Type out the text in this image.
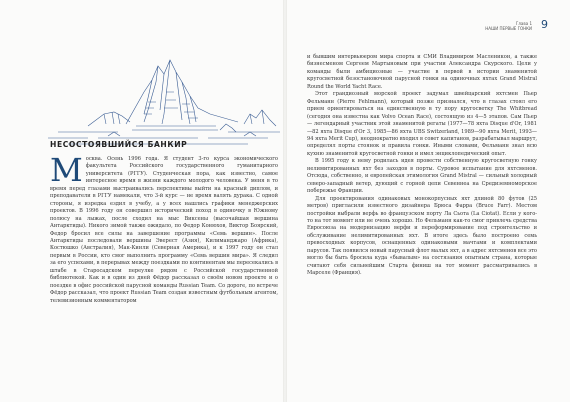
НЕСОСТОЯВШИЙСЯ БАНКИР
М осква. Осень 1996 года. Я студент 3-го курса экономического факультета Российского государственного гуманитарного университета (РГГУ). Студенческая пора, как известно, самое интересное время в жизни каждого молодого человека. У меня в то время перед глазами выстраивались перспективы выйти на красный диплом, и преподаватели в РГГУ намекали, что 3-й курс — не время валять дурака. С одной стороны, я изредка ездил в учебу, а у всех нашлись графики менеджерских проектов. В 1996 году он совершил исторический поход в одиночку в Южному полюсу на лыжах, после сходил на мыс Виксены (высочайшая вершина Антарктиды). Никого зимой также ожидало, по Федор Конюхов, Виктор Боярский, Федор бросил все силы на завершение программы «Семь вершин». После Антарктиды последовали вершины Эверест (Азия), Килиманджаро (Африка), Костюшко (Австралия), Мак-Кинли (Северная Америка), и к 1997 году он стал первым в России, кто смог выполнить программу «Семь вершин мира». Я следил за его успехами, в перерывах между поездками по континентам мы пересекались в штабе в Старосадском переулке рядом с Российской государственной библиотекой. Как и в один из дней Фёдор рассказал о своём новом проекте и о поездке в офис российской парусной команды Russian Team. Со дороге, по встрече Фёдор рассказал, что проект Russian Team создан известным футбольным агентом, телевизионным комментатором

Глава 1
НАШИ ПЕРВЫЕ ГОНКИ 9

и бывшим интервьюером мира спорта и СМИ Владимиром Масленикон, а также бизнесменом Сергеем Мартыновым при участии Александра Скурского. Цели у команды были амбициозные — участие в первой в истории знаменитой кругосветной безостановочной парусной гонки на одиночных яхтах Grand Mistral Round the World Yacht Race.

Этот грандиозный морской проект задумал швейцарский яхтсмен Пьер Фельманн (Pierre Fehlmann), который позже признался, что в глазах стоял его прием ориентироваться на единственную в ту пору кругосветку The Whitbread (сегодня она известна как Volvo Ocean Race), состоящую из 4—5 этапов. Сам Пьер — легендарный участник этой знаменитой регаты (1977—78 яхта Disque d'Or, 1981—82 яхта Disque d'Or 3, 1985—86 яхта UBS Switzerland, 1989—90 яхта Merit, 1993—94 яхта Merit Cup), неоднократно входил в совет капитанов, разрабатывал маршрут, определял порты стоянок и правила гонки. Иными словами, Фельманн знал всю кухню знаменитой кругосветной гонки и имел энциклопедический опыт.

В 1995 году к нему родилась идея провести собственную кругосветную гонку нелимитированных яхт без заходов в порты. Суровое испытание для яхтсменов. Отсюда, собственно, и европейская этимология Grand Mistral — сильный холодный северо-западный ветер, дующий с горной цепи Севеннеа на Средиземноморское побережье Франции.

Для проектирования одинаковых монокорпусных яхт длиной 80 футов (25 метров) пригласили известного дизайнера Брюса Фарра (Bruce Farr). Местом постройки выбрали верфь во французском порту Ла Сьота (La Ciotat). Если у кого-то на тот момент или не очень хорошо. Но Фельманн как-то смог привлечь средства Евросоюза на модернизацию верфи и переформирование под строительство и обслуживание нелимитированных яхт. В итоге здесь было построено семь превосходных корпусов, оснащенных одинаковыми мачтами и комплектами парусов. Так появился новый парусный флот малых яхт, а в адрес яхтсменов все это могло бы быть бросила куда «бывалым» на состязания опытным страна, которые считают себя сильнейшим Старта финиш на тот момент рассматривались в Марселе (Франция).
